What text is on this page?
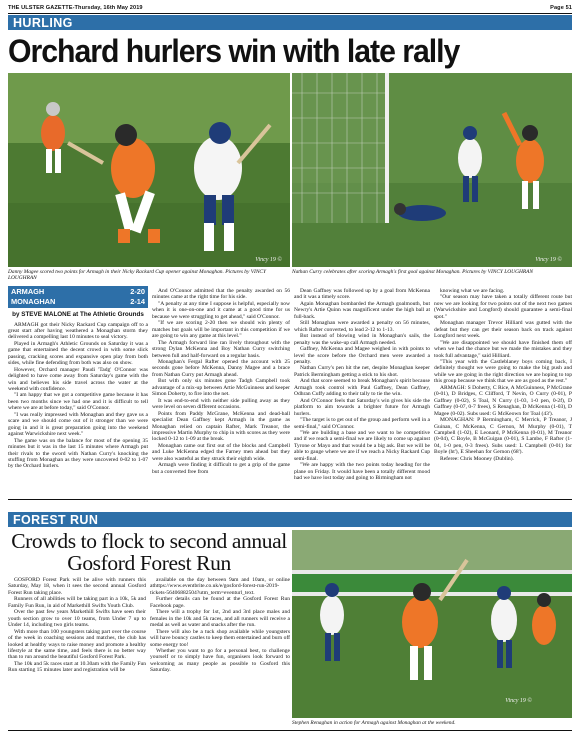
THE ULSTER GAZETTE-Thursday, 16th May 2019	Page 51
HURLING
Orchard hurlers win with late rally
Vincy 19 ©	Vincy 19 ©
Danny Magee scored two points for Armagh in their Nicky Rackard Cup opener against Monaghan. Pictures by VINCY LOUGHRAN
Nathan Curry celebrates after scoring Armagh's first goal against Monaghan. Pictures by VINCY LOUGHRAN
ARMAGH	2-20
MONAGHAN	2-14

by STEVE MALONE at The Athletic Grounds

ARMAGH got their Nicky Rackard Cup campaign off to a great start after having weathered a Monaghan storm they delivered a compelling last 10 minutes to seal victory.

Played in Armagh's Athletic Grounds on Saturday it was a game that entertained the decent crowd in with some slick passing, cracking scores and expansive open play from both sides, while fine defending from both was also on show.

However, Orchard manager Paudi 'Tadg' O'Connor was delighted to have come away from Saturday's game with the win and believes his side travel across the water at the weekend with confidence.

"I am happy that we got a competitive game because it has been two months since we had one and it is difficult to tell where we are at before today," said O'Connor.

"I was really impressed with Monaghan and they gave us a scare and we should come out of it stronger than we were going in and it is great preparation going into the weekend against Warwickshire next week."

The game was on the balance for most of the opening 35 minutes but it was in the last 15 minutes where Armagh put their rivals to the sword with Nathan Curry's knocking the stuffing from Monaghan as they were uncovered 0-02 to 1-07 by the Orchard hurlers.

And O'Connor admitted that the penalty awarded on 56 minutes came at the right time for his side.

"A penalty at any time I suppose is helpful, especially now when it is one-on-one and it came at a good time for us because we were struggling to get ahead," said O'Connor.

"If we are scoring 2-20 then we should win plenty of matches but goals will be important in this competition if we are going to win any game at this level."

The Armagh forward line ran lively throughout with the strong Dylan McKenna and Boy Nathan Curry switching between full and half-forward on a regular basis.

Monaghan's Fergal Rafter opened the account with 25 seconds gone before McKenna, Danny Magee and a brace from Nathan Curry put Armagh ahead.

But with only six minutes gone Tadgh Campbell took advantage of a mix-up between Artie McGuinness and keeper Simon Doherty, to fire into the net.

It was end-to-end with neither side pulling away as they were level on seven different occasions.

Points from Paddy McGrane, McKenna and dead-ball specialist Dean Gaffney kept Armagh in the game as Monaghan relied on captain Rafter, Mark Treanor, the impressive Martin Murphy to chip in with scores as they were locked 0-12 to 1-09 at the break.

Monaghan came out first out of the blocks and Campbell and Luke McKenna edged the Farney men ahead but they were also wasteful as they struck their eighth wide.

Armagh were finding it difficult to get a grip of the game but a converted free from

Dean Gaffney was followed up by a goal from McKenna and it was a timely score.

Again Monaghan bombarded the Armagh goalmouth, but Newry's Artie Quinn was magnificent under the high ball at full-back.

Still Monaghan were awarded a penalty on 56 minutes, which Rafter converted, to lead 2-12 to 1-13.

But instead of blowing wind in Monaghan's sails, the penalty was the wake-up call Armagh needed.

Gaffney, McKenna and Magee weighed in with points to level the score before the Orchard men were awarded a penalty.

Nathan Curry's pen hit the net, despite Monaghan keeper Patrick Bermingham getting a stick to his shot.

And that score seemed to break Monaghan's spirit because Armagh took control with Paul Gaffney, Dean Gaffney, Odhran Cuffy adding to their tally to tie the win.

And O'Connor feels that Saturday's win gives his side the platform to aim towards a brighter future for Armagh hurlers.

"The target is to get out of the group and perform well in a semi-final," said O'Connor.

"We are building a base and we want to be competitive and if we reach a semi-final we are likely to come up against Tyrone or Mayo and that would be a big ask. But we will be able to gauge where we are if we reach a Nicky Rackard Cup semi-final.

"We are happy with the two points today heading for the plane on Friday. It would have been a totally different mood had we have lost today and going to Birmingham not

knowing what we are facing.

"Our season may have taken a totally different route but now we are looking for two points out of the next two games (Warwickshire and Longford) should guarantee a semi-final spot."

Monaghan manager Trevor Hilliard was gutted with the defeat but they can get their season back on track against Longford next week.

"We are disappointed we should have finished them off when we had the chance but we made the mistakes and they took full advantage," said Hilliard.

"This year with the Castleblaney boys coming back, I definitely thought we were going to make the big push and while we are going in the right direction we are hoping to top this group because we think that we are as good as the rest."

ARMAGH: S Doherty, C Rice, A McGuinness, P McGrane (0-01), D Bridges, C Clifford, T Nevin, O Curry (0-01), P Gaffney (0-02), S Toal, N Curry (1-03, 1-0 pen, 0-2f), D Gaffney (0-07, 0-7 frees), S Renaghan, D McKenna (1-03), D Magee (0-02). Subs used: G McKeown for Toal (43').

MONAGHAN: P Bermingham, C Merrick, P Treanor, J Guinan, C McKenna, C Gernon, M Murphy (0-01), T Campbell (1-02), E Leonard, P McKenna (0-01), M Treanor (0-04), C Boyle, B McGuigan (0-01), S Lambe, F Rafter (1-04, 1-0 pen, 0-3 frees). Subs used: L Campbell (0-01) for Boyle (ht'), E Sheehan for Gernon (68').

Referee: Chris Mooney (Dublin).

FOREST RUN
Crowds to flock to second annual Gosford Forest Run

GOSFORD Forest Park will be alive with runners this Saturday, May 18, when it sees the second annual Gosford Forest Run taking place.

Runners of all abilities will be taking part in a 10k, 5k and Family Fun Run, in aid of Markethill Swifts Youth Club.

Over the past few years Markethill Swifts have seen their youth section grow to over 10 teams, from Under 7 up to Under 14, including two girls teams.

With more than 100 youngsters taking part over the course of the week in coaching sessions and matches, the club has looked at healthy ways to raise money and promote a healthy lifestyle at the same time, and feels there is no better way than to run around the beautiful Gosford Forest Park.

The 10k and 5k races start at 10.30am with the Family Fun Run starting 15 minutes later and registration will be

available on the day between 9am and 10am, or online athttps://www.eventbrite.co.uk/e/gosford-forest-run-2019-tickets-56406882504?utm_term=eventurl_text.

Further details can be found at the Gosford Forest Run Facebook page.

There will a trophy for 1st, 2nd and 3rd place males and females in the 10k and 5k races, and all runners will receive a medal as well as water and snacks after the run.

There will also be a tuck shop available while youngsters will have bouncy castles to keep them entertained and burn off some energy too!

Whether you want to go for a personal best, to challenge yourself or to simply have fun, organisers look forward to welcoming as many people as possible to Gosford this Saturday.

Vincy 19 ©
Stephen Renaghan in action for Armagh against Monaghan at the weekend.
